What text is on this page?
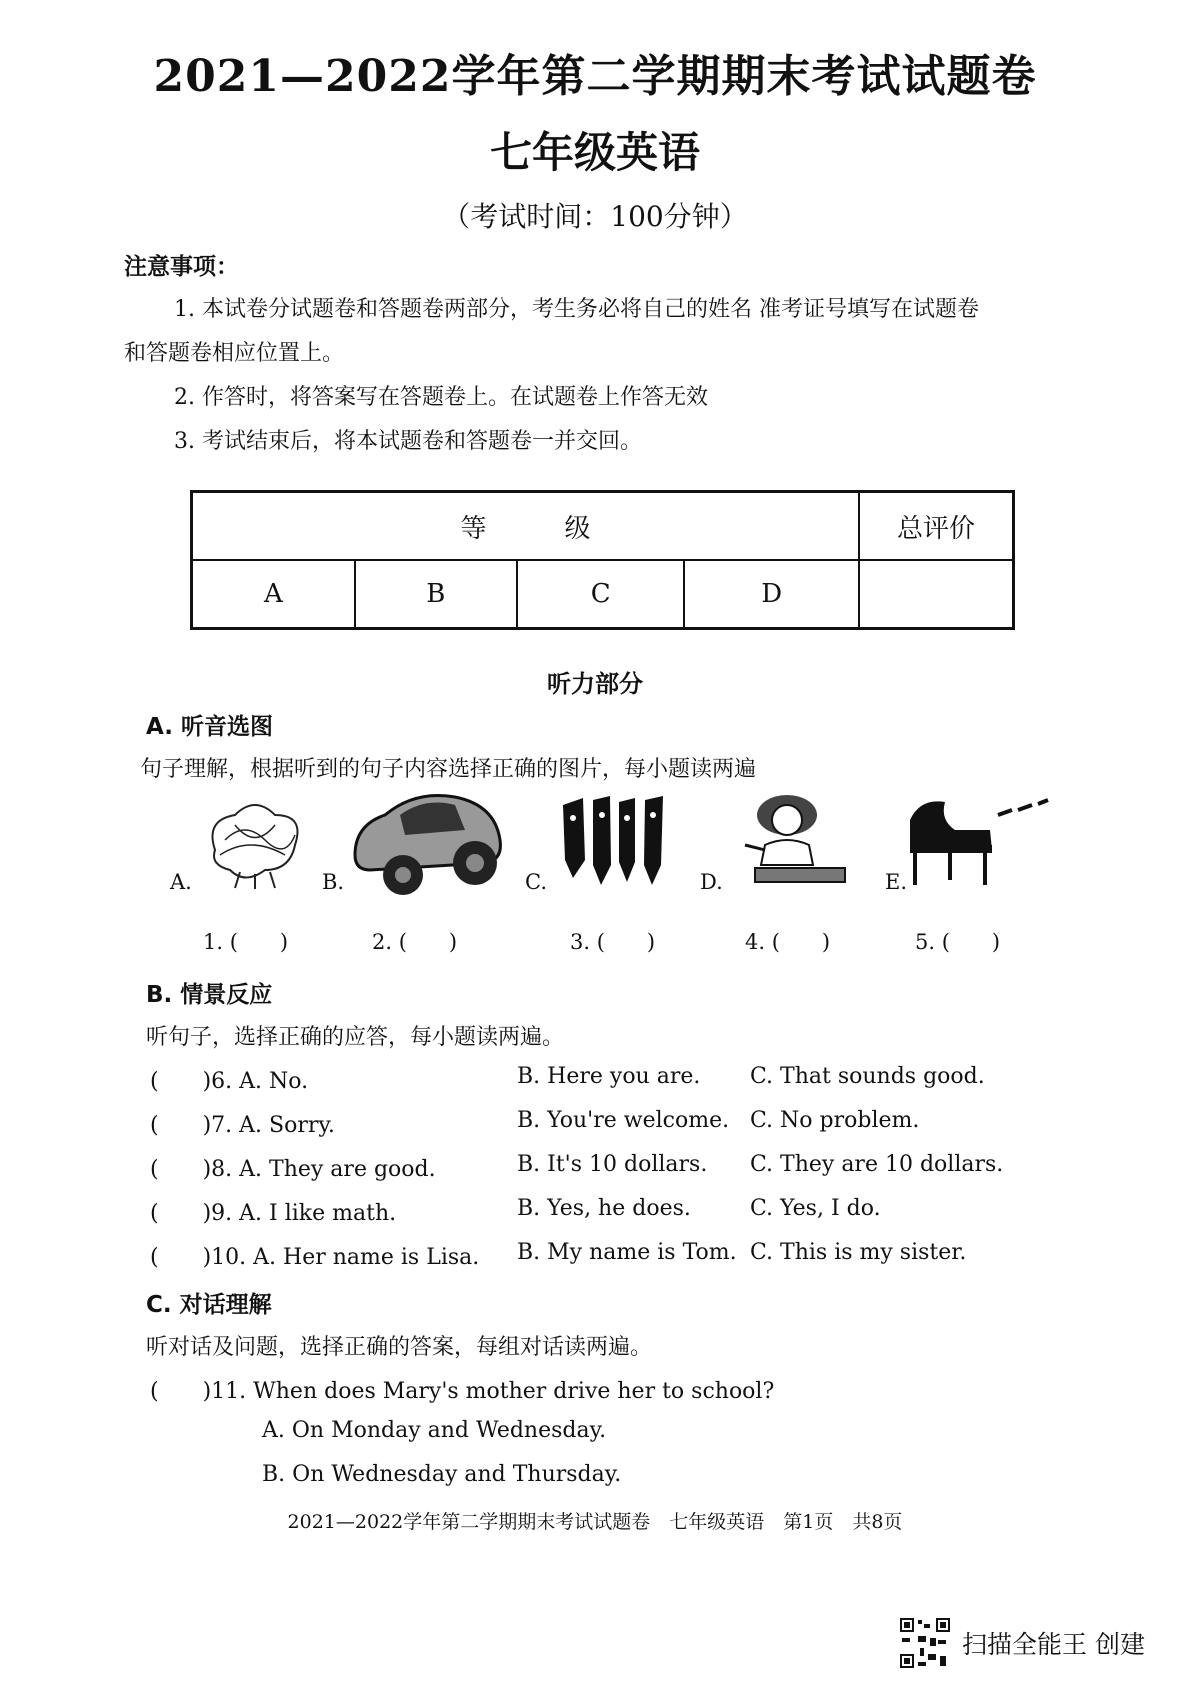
2021—2022学年第二学期期末考试试题卷
七年级英语
（考试时间：100分钟）
注意事项：
1. 本试卷分试题卷和答题卷两部分，考生务必将自己的姓名 准考证号填写在试题卷
和答题卷相应位置上。
2. 作答时，将答案写在答题卷上。在试题卷上作答无效
3. 考试结束后，将本试题卷和答题卷一并交回。
等　　　级				总评价
A	B	C	D	
听力部分
A. 听音选图
句子理解，根据听到的句子内容选择正确的图片，每小题读两遍
A.	B.	C.	D.	E.
1. (　　)	2. (　　)	3. (　　)	4. (　　)	5. (　　)
B. 情景反应
听句子，选择正确的应答，每小题读两遍。
(　　)6. A. No.	B. Here you are. C. That sounds good.
(　　)7. A. Sorry.	B. You're welcome. C. No problem.
(　　)8. A. They are good.	B. It's 10 dollars. C. They are 10 dollars.
(　　)9. A. I like math.	B. Yes, he does.	C. Yes, I do.
(　　)10. A. Her name is Lisa. B. My name is Tom. C. This is my sister.
C. 对话理解
听对话及问题，选择正确的答案，每组对话读两遍。
(　　)11. When does Mary's mother drive her to school?
A. On Monday and Wednesday.
B. On Wednesday and Thursday.
2021—2022学年第二学期期末考试试题卷　七年级英语　第1页　共8页
扫描全能王 创建
